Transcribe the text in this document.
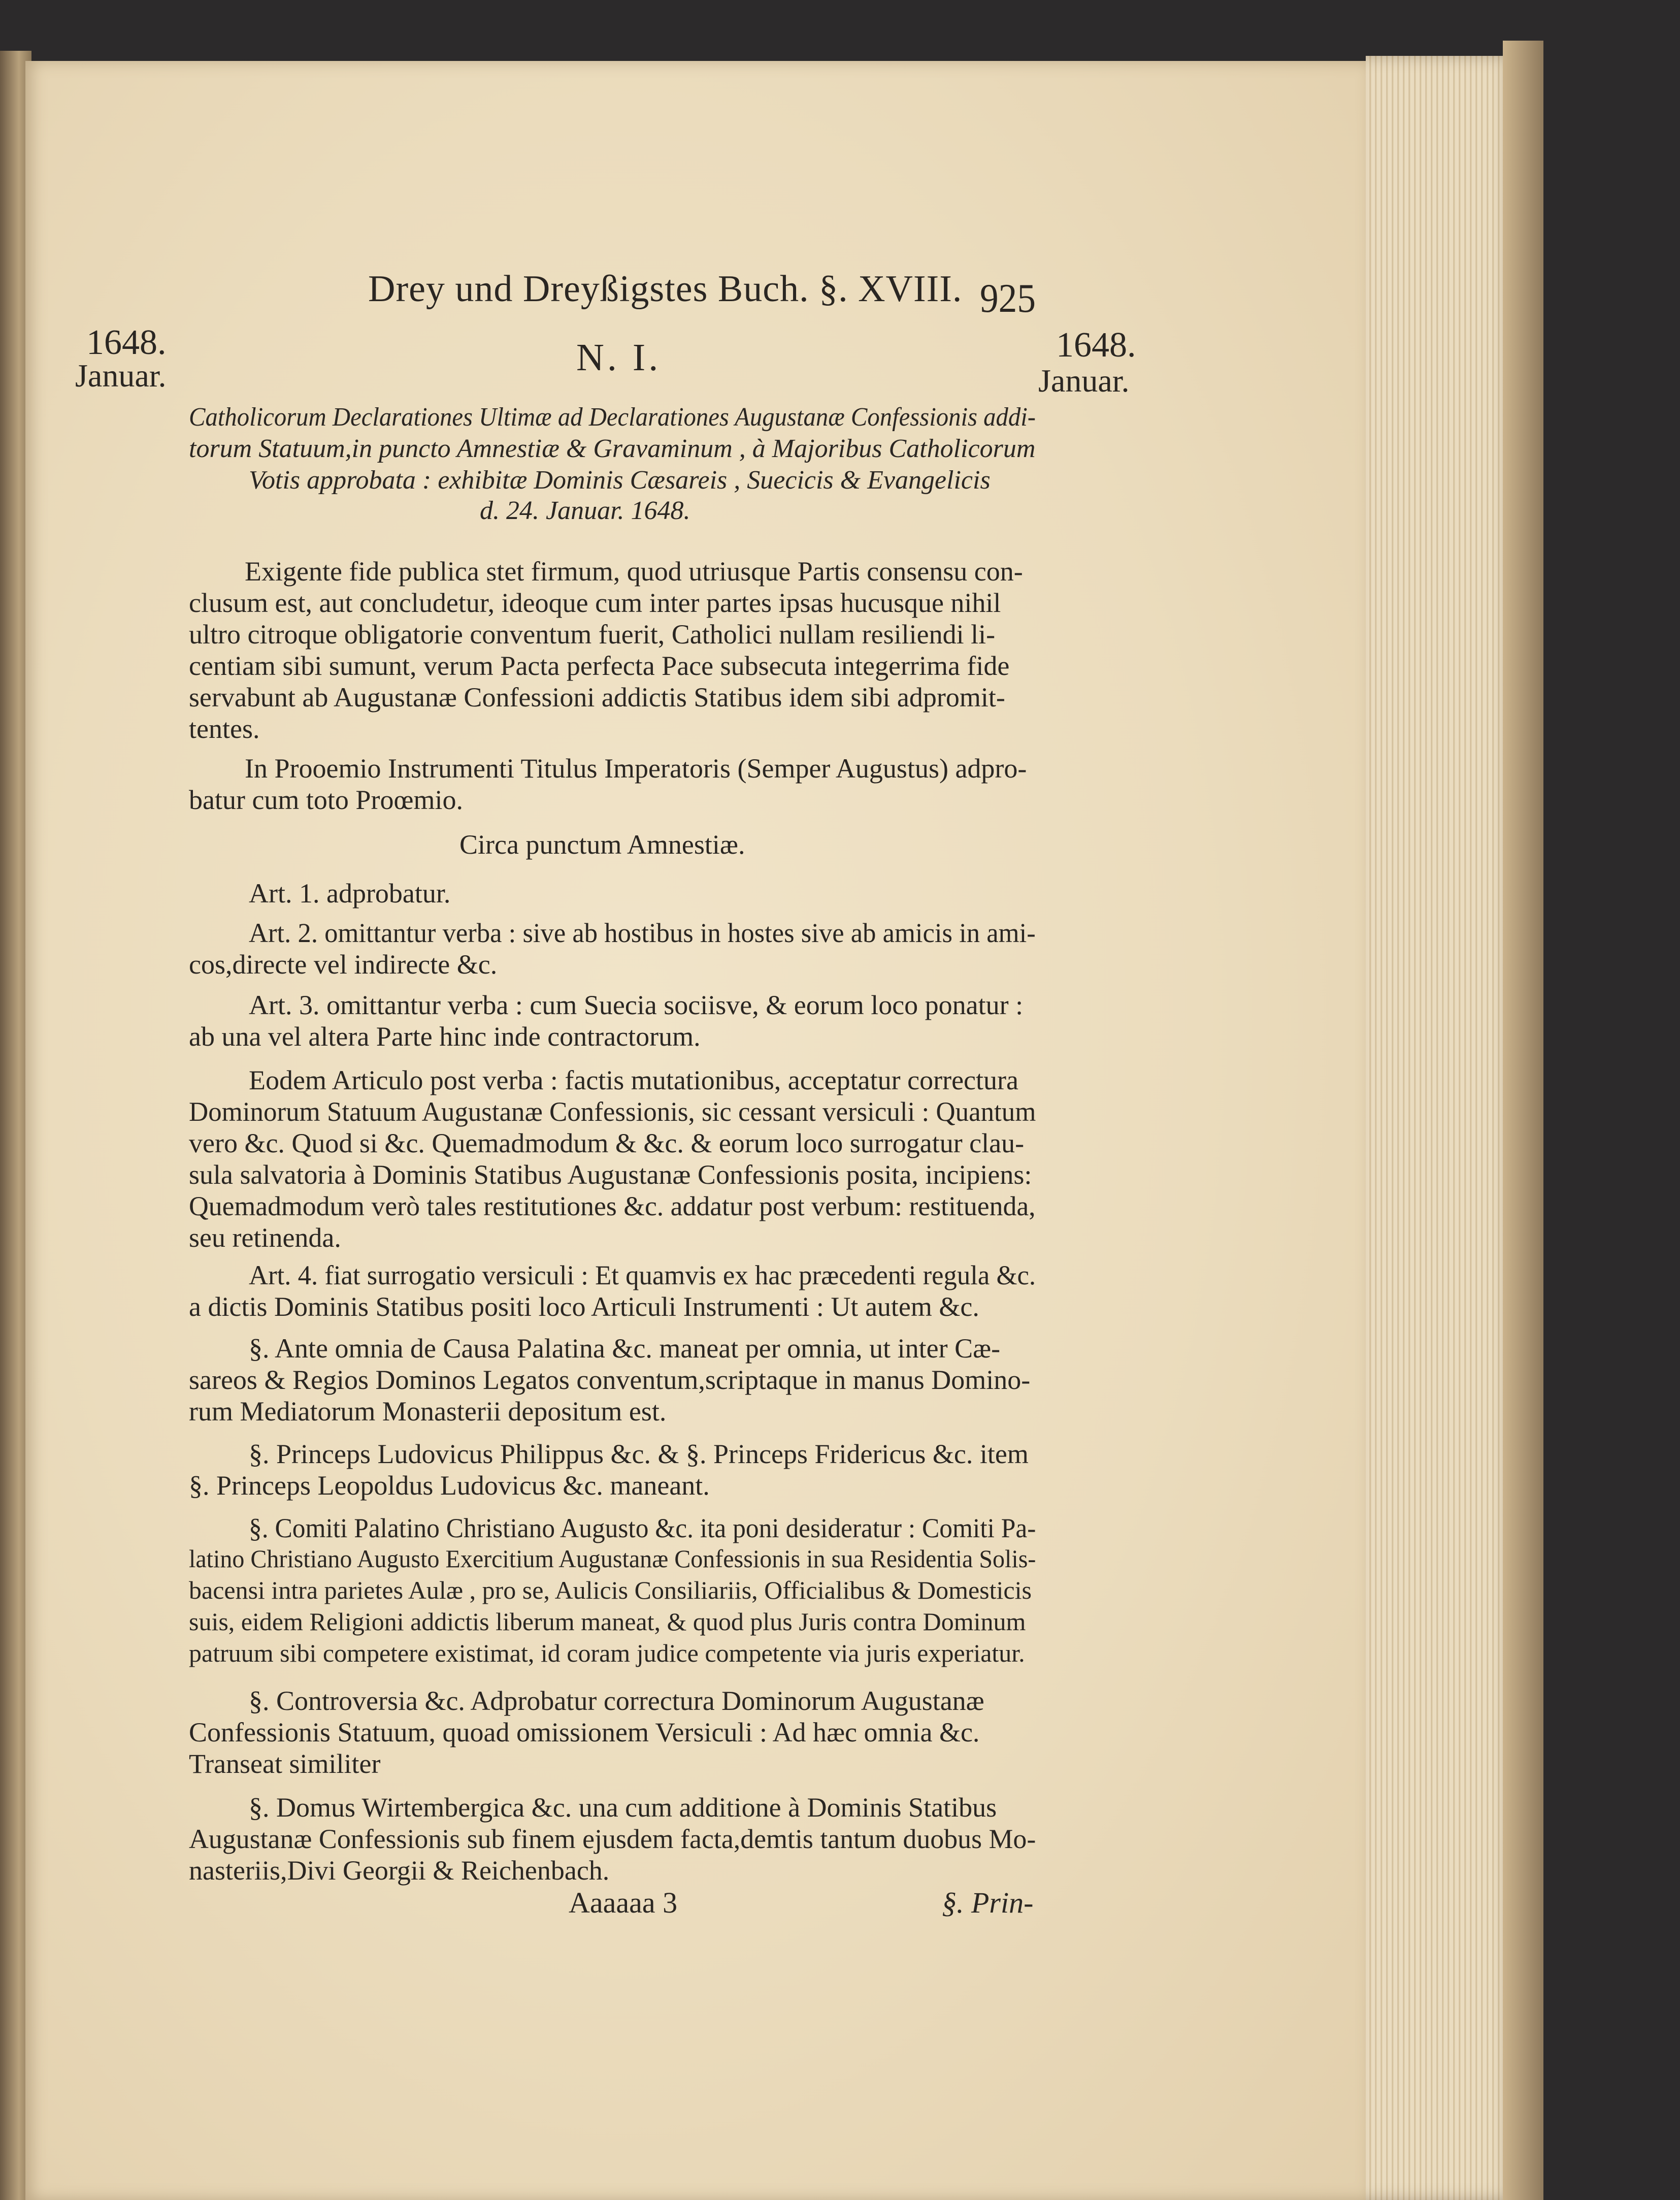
Drey und Dreyßigstes Buch. §. XVIII. 925
1648.
Januar.
1648.
Januar.
N. I.
Catholicorum Declarationes Ultimæ ad Declarationes Augustanæ Confessionis addi-
torum Statuum,in puncto Amnestiæ & Gravaminum , à Majoribus Catholicorum
Votis approbata : exhibitæ Dominis Cæsareis , Suecicis & Evangelicis
d. 24. Januar. 1648.
Exigente fide publica stet firmum, quod utriusque Partis consensu con-
clusum est, aut concludetur, ideoque cum inter partes ipsas hucusque nihil
ultro citroque obligatorie conventum fuerit, Catholici nullam resiliendi li-
centiam sibi sumunt, verum Pacta perfecta Pace subsecuta integerrima fide
servabunt ab Augustanæ Confessioni addictis Statibus idem sibi adpromit-
tentes.
In Prooemio Instrumenti Titulus Imperatoris (Semper Augustus) adpro-
batur cum toto Proœmio.
Circa punctum Amnestiæ.
Art. 1. adprobatur.
Art. 2. omittantur verba : sive ab hostibus in hostes sive ab amicis in ami-
cos,directe vel indirecte &c.
Art. 3. omittantur verba : cum Suecia sociisve, & eorum loco ponatur :
ab una vel altera Parte hinc inde contractorum.
Eodem Articulo post verba : factis mutationibus, acceptatur correctura
Dominorum Statuum Augustanæ Confessionis, sic cessant versiculi : Quantum
vero &c. Quod si &c. Quemadmodum & &c. & eorum loco surrogatur clau-
sula salvatoria à Dominis Statibus Augustanæ Confessionis posita, incipiens:
Quemadmodum verò tales restitutiones &c. addatur post verbum: restituenda,
seu retinenda.
Art. 4. fiat surrogatio versiculi : Et quamvis ex hac præcedenti regula &c.
a dictis Dominis Statibus positi loco Articuli Instrumenti : Ut autem &c.
§. Ante omnia de Causa Palatina &c. maneat per omnia, ut inter Cæ-
sareos & Regios Dominos Legatos conventum,scriptaque in manus Domino-
rum Mediatorum Monasterii depositum est.
§. Princeps Ludovicus Philippus &c. & §. Princeps Fridericus &c. item
§. Princeps Leopoldus Ludovicus &c. maneant.
§. Comiti Palatino Christiano Augusto &c. ita poni desideratur : Comiti Pa-
latino Christiano Augusto Exercitium Augustanæ Confessionis in sua Residentia Solis-
bacensi intra parietes Aulæ , pro se, Aulicis Consiliariis, Officialibus & Domesticis
suis, eidem Religioni addictis liberum maneat, & quod plus Juris contra Dominum
patruum sibi competere existimat, id coram judice competente via juris experiatur.
§. Controversia &c. Adprobatur correctura Dominorum Augustanæ
Confessionis Statuum, quoad omissionem Versiculi : Ad hæc omnia &c.
Transeat similiter
§. Domus Wirtembergica &c. una cum additione à Dominis Statibus
Augustanæ Confessionis sub finem ejusdem facta,demtis tantum duobus Mo-
nasteriis,Divi Georgii & Reichenbach.
Aaaaaa 3	§. Prin-
